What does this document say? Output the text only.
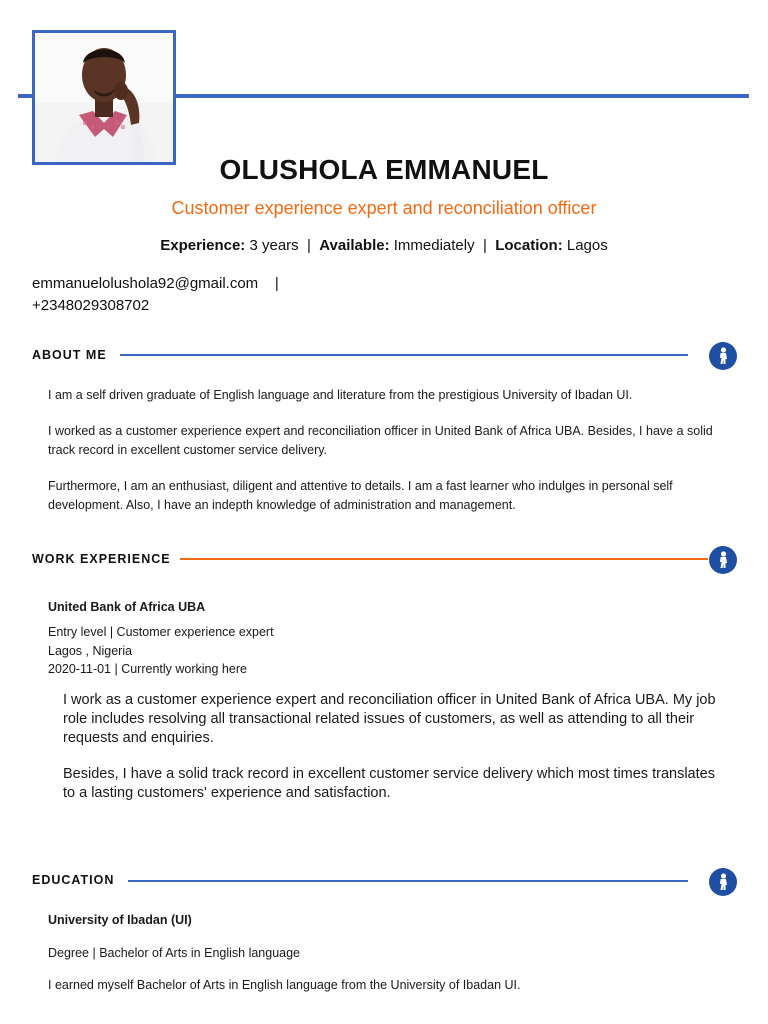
OLUSHOLA EMMANUEL
Customer experience expert and reconciliation officer
Experience: 3 years | Available: Immediately | Location: Lagos
emmanuelolushola92@gmail.com |
+2348029308702
ABOUT ME
I am a self driven graduate of English language and literature from the prestigious University of Ibadan UI.
I worked as a customer experience expert and reconciliation officer in United Bank of Africa UBA. Besides, I have a solid track record in excellent customer service delivery.
Furthermore, I am an enthusiast, diligent and attentive to details. I am a fast learner who indulges in personal self development. Also, I have an indepth knowledge of administration and management.
WORK EXPERIENCE
United Bank of Africa UBA
Entry level | Customer experience expert
Lagos , Nigeria
2020-11-01 | Currently working here
I work as a customer experience expert and reconciliation officer in United Bank of Africa UBA. My job role includes resolving all transactional related issues of customers, as well as attending to all their requests and enquiries.
Besides, I have a solid track record in excellent customer service delivery which most times translates to a lasting customers' experience and satisfaction.
EDUCATION
University of Ibadan (UI)
Degree | Bachelor of Arts in English language
I earned myself Bachelor of Arts in English language from the University of Ibadan UI.
